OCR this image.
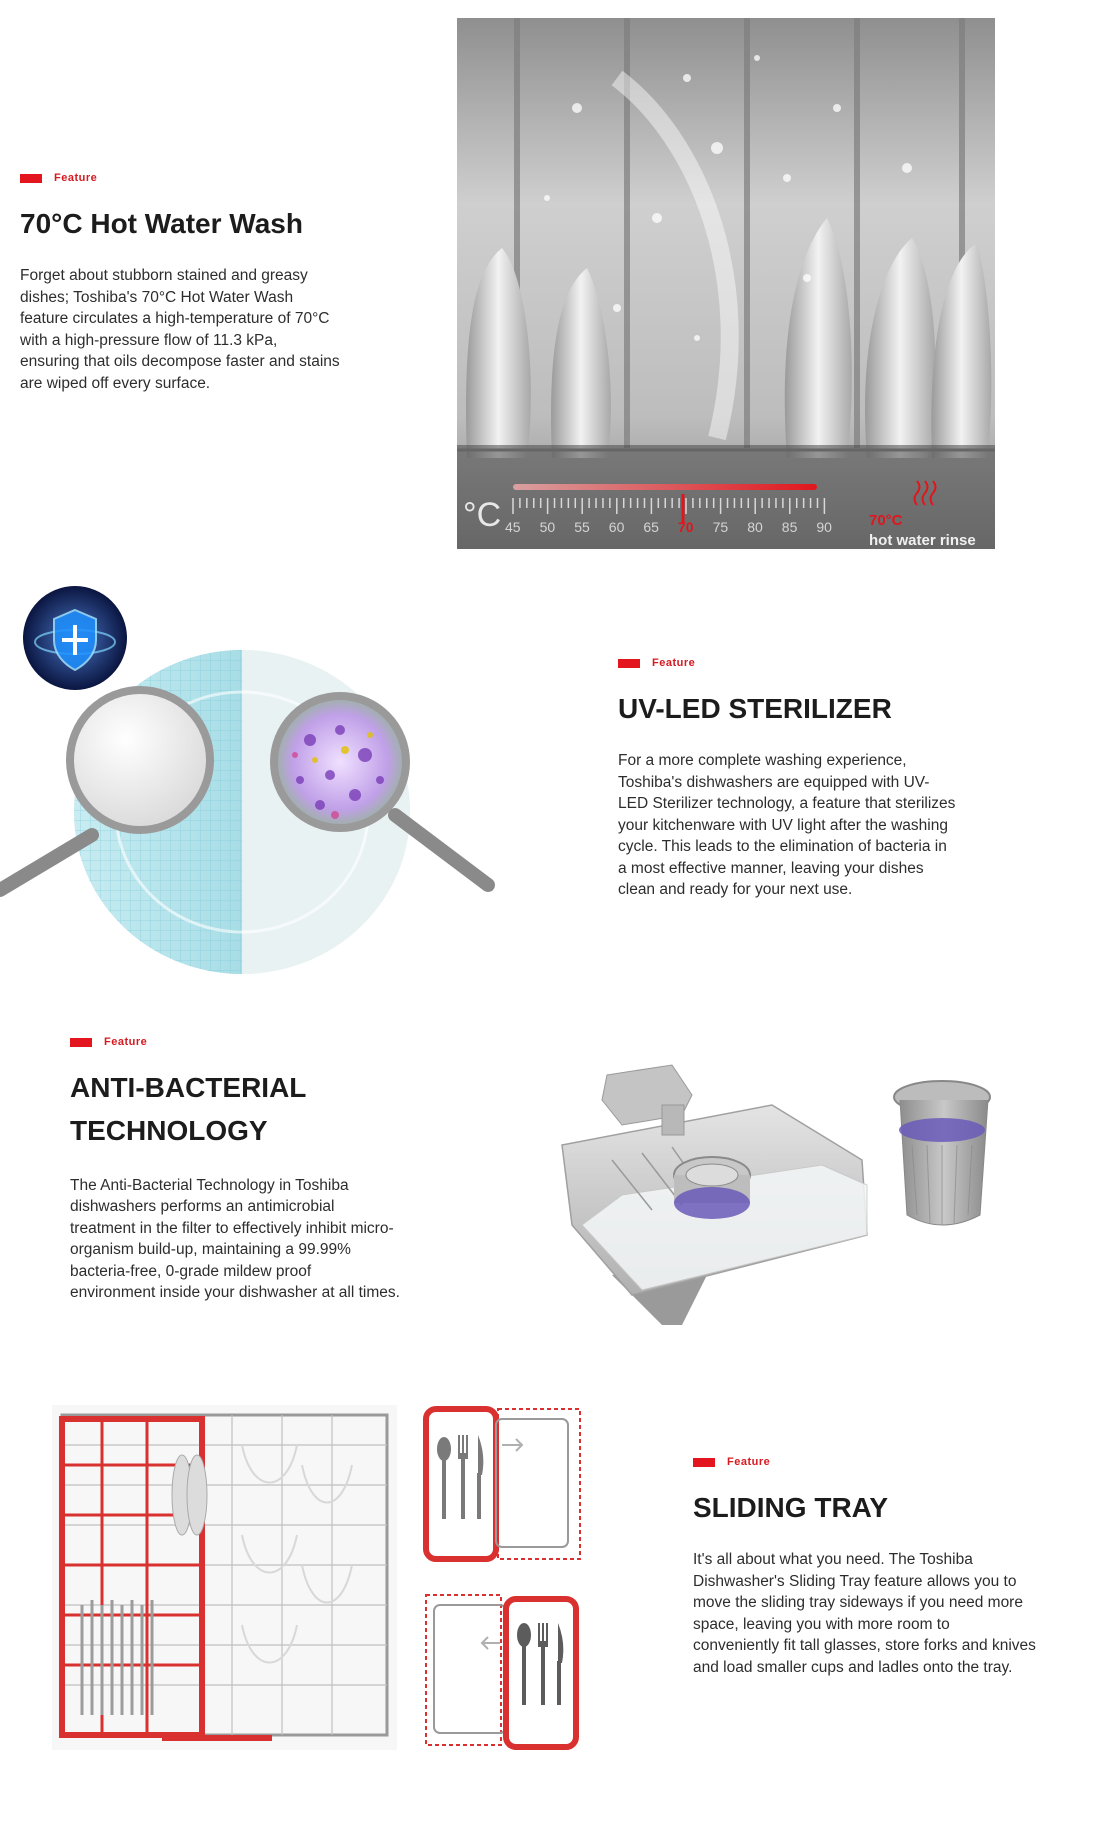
Feature
70°C Hot Water Wash

Forget about stubborn stained and greasy dishes; Toshiba's 70°C Hot Water Wash feature circulates a high-temperature of 70°C with a high-pressure flow of 11.3 kPa, ensuring that oils decompose faster and stains are wiped off every surface.

°C 45 50 55 60 65 70 75 80 85 90 70°C
hot water rinse
Feature
UV-LED STERILIZER

For a more complete washing experience, Toshiba's dishwashers are equipped with UV-LED Sterilizer technology, a feature that sterilizes your kitchenware with UV light after the washing cycle. This leads to the elimination of bacteria in a most effective manner, leaving your dishes clean and ready for your next use.

Feature
ANTI-BACTERIAL TECHNOLOGY

The Anti-Bacterial Technology in Toshiba dishwashers performs an antimicrobial treatment in the filter to effectively inhibit micro-organism build-up, maintaining a 99.99% bacteria-free, 0-grade mildew proof environment inside your dishwasher at all times.

Feature
SLIDING TRAY

It's all about what you need. The Toshiba Dishwasher's Sliding Tray feature allows you to move the sliding tray sideways if you need more space, leaving you with more room to conveniently fit tall glasses, store forks and knives and load smaller cups and ladles onto the tray.
